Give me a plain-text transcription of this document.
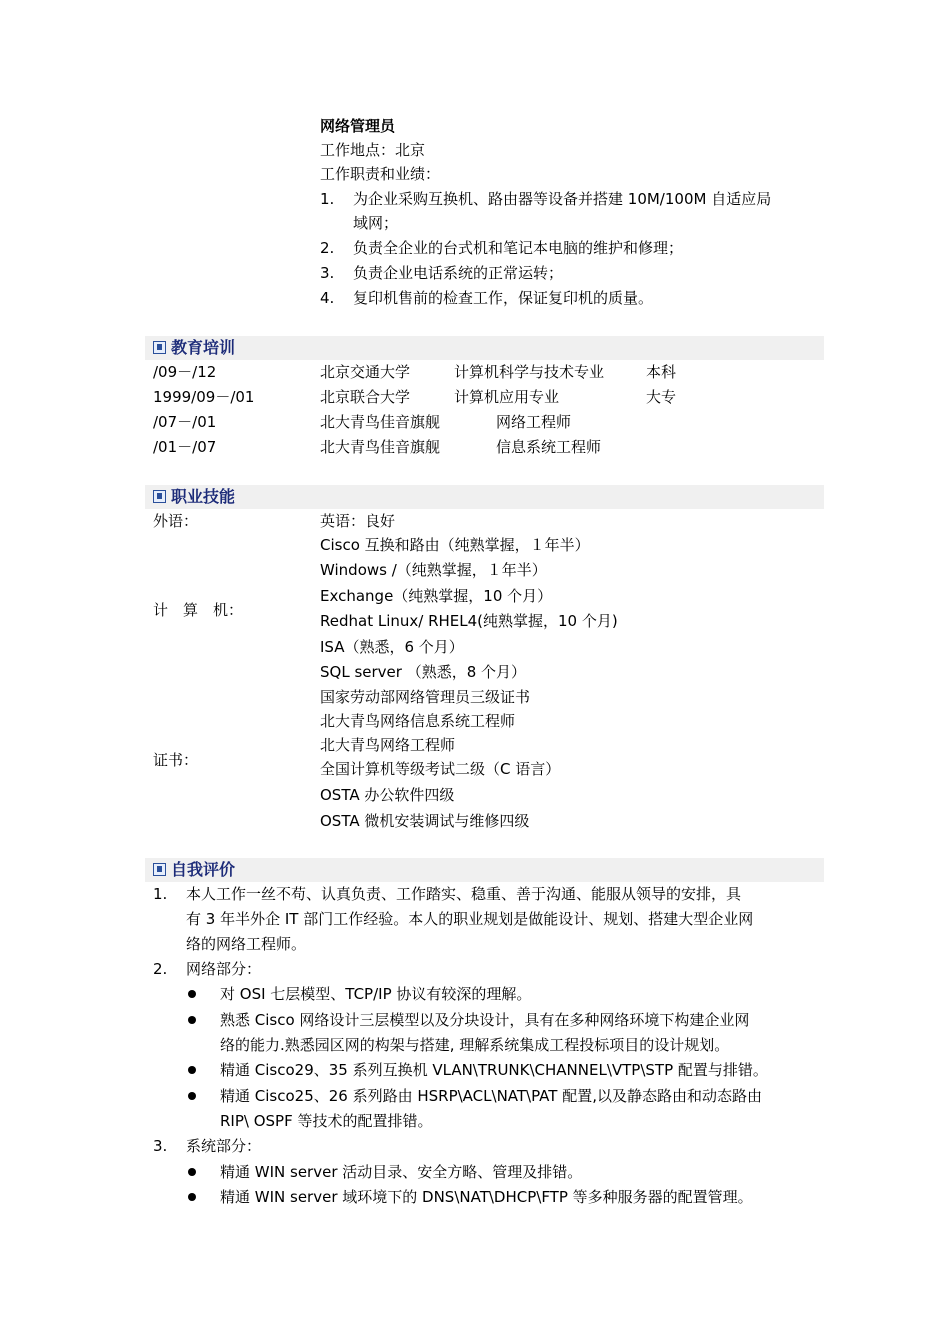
网络管理员
工作地点：北京
工作职责和业绩：
1. 为企业采购互换机、路由器等设备并搭建 10M/100M 自适应局
域网；
2. 负责全企业的台式机和笔记本电脑的维护和修理；
3. 负责企业电话系统的正常运转；
4. 复印机售前的检查工作，保证复印机的质量。
教育培训
/09－/12	北京交通大学	计算机科学与技术专业	本科
1999/09－/01	北京联合大学	计算机应用专业	大专
/07－/01	北大青鸟佳音旗舰	网络工程师
/01－/07	北大青鸟佳音旗舰	信息系统工程师
职业技能
外语：	英语：良好
计　算　机：
Cisco 互换和路由（纯熟掌握，１年半）
Windows /（纯熟掌握，１年半）
Exchange（纯熟掌握，10 个月）
Redhat Linux/ RHEL4(纯熟掌握，10 个月)
ISA（熟悉，6 个月）
SQL server （熟悉，8 个月）
证书：
国家劳动部网络管理员三级证书
北大青鸟网络信息系统工程师
北大青鸟网络工程师
全国计算机等级考试二级（C 语言）
OSTA 办公软件四级
OSTA 微机安装调试与维修四级
自我评价
1. 本人工作一丝不苟、认真负责、工作踏实、稳重、善于沟通、能服从领导的安排，具
有 3 年半外企 IT 部门工作经验。本人的职业规划是做能设计、规划、搭建大型企业网
络的网络工程师。
2. 网络部分：
对 OSI 七层模型、TCP/IP 协议有较深的理解。
熟悉 Cisco 网络设计三层模型以及分块设计，具有在多种网络环境下构建企业网
络的能力.熟悉园区网的构架与搭建, 理解系统集成工程投标项目的设计规划。
精通 Cisco29、35 系列互换机 VLAN\TRUNK\CHANNEL\VTP\STP 配置与排错。
精通 Cisco25、26 系列路由 HSRP\ACL\NAT\PAT 配置,以及静态路由和动态路由
RIP\ OSPF 等技术的配置排错。
3. 系统部分：
精通 WIN server 活动目录、安全方略、管理及排错。
精通 WIN server 域环境下的 DNS\NAT\DHCP\FTP 等多种服务器的配置管理。
